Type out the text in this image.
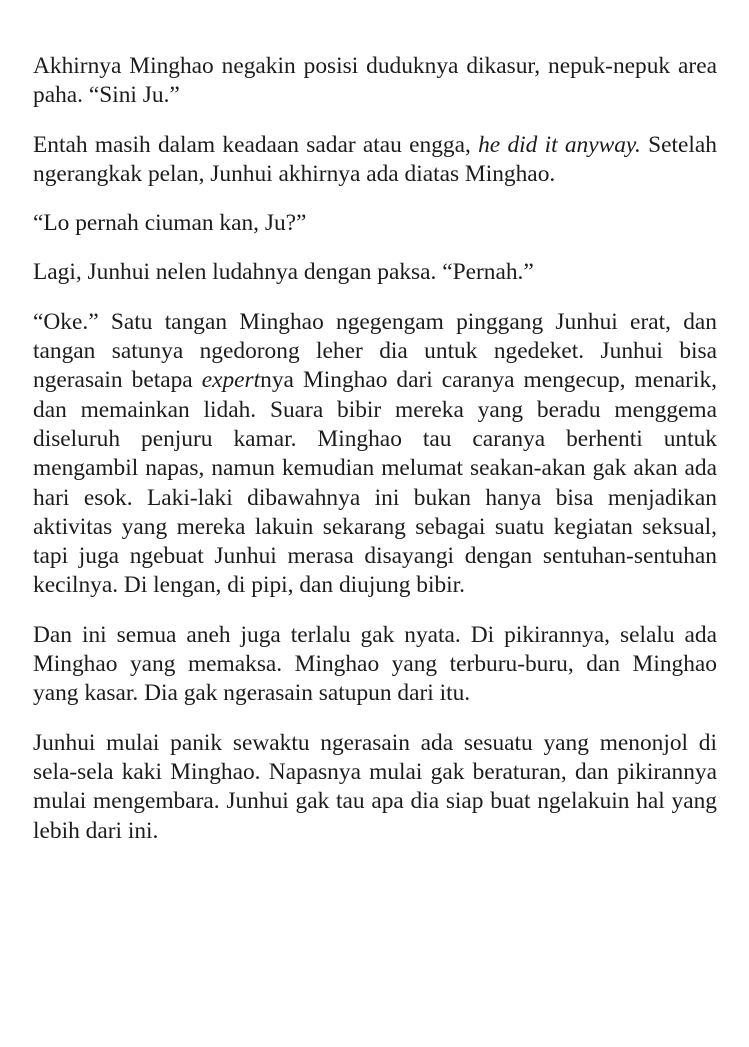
Akhirnya Minghao negakin posisi duduknya dikasur, nepuk-nepuk area paha. “Sini Ju.”

Entah masih dalam keadaan sadar atau engga, he did it anyway. Setelah ngerangkak pelan, Junhui akhirnya ada diatas Minghao.

“Lo pernah ciuman kan, Ju?”

Lagi, Junhui nelen ludahnya dengan paksa. “Pernah.”

“Oke.” Satu tangan Minghao ngegengam pinggang Junhui erat, dan tangan satunya ngedorong leher dia untuk ngedeket. Junhui bisa ngerasain betapa expertnya Minghao dari caranya mengecup, menarik, dan memainkan lidah. Suara bibir mereka yang beradu menggema diseluruh penjuru kamar. Minghao tau caranya berhenti untuk mengambil napas, namun kemudian melumat seakan-akan gak akan ada hari esok. Laki-laki dibawahnya ini bukan hanya bisa menjadikan aktivitas yang mereka lakuin sekarang sebagai suatu kegiatan seksual, tapi juga ngebuat Junhui merasa disayangi dengan sentuhan-sentuhan kecilnya. Di lengan, di pipi, dan diujung bibir.

Dan ini semua aneh juga terlalu gak nyata. Di pikirannya, selalu ada Minghao yang memaksa. Minghao yang terburu-buru, dan Minghao yang kasar. Dia gak ngerasain satupun dari itu.

Junhui mulai panik sewaktu ngerasain ada sesuatu yang menonjol di sela-sela kaki Minghao. Napasnya mulai gak beraturan, dan pikirannya mulai mengembara. Junhui gak tau apa dia siap buat ngelakuin hal yang lebih dari ini.
